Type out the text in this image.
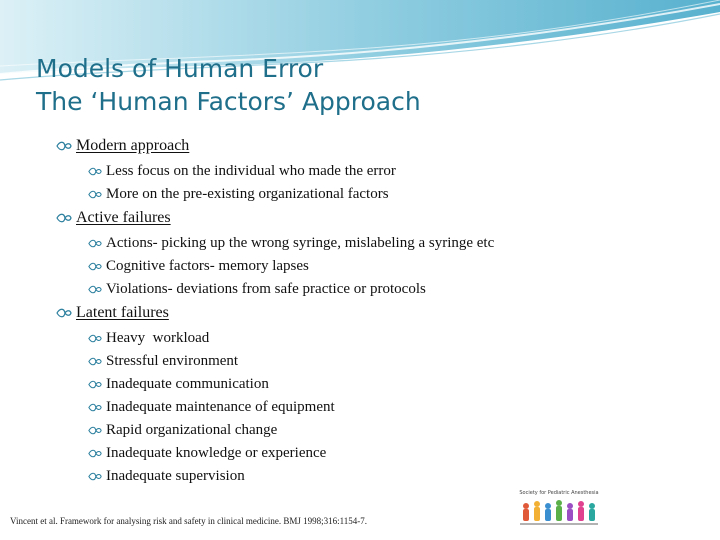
Models of Human Error
The ‘Human Factors’ Approach
Modern approach
Less focus on the individual who made the error
More on the pre-existing organizational factors
Active failures
Actions- picking up the wrong syringe, mislabeling a syringe etc
Cognitive factors- memory lapses
Violations- deviations from safe practice or protocols
Latent failures
Heavy  workload
Stressful environment
Inadequate communication
Inadequate maintenance of equipment
Rapid organizational change
Inadequate knowledge or experience
Inadequate supervision
Vincent et al. Framework for analysing risk and safety in clinical medicine. BMJ 1998;316:1154-7.
Society for Pediatric Anesthesia
